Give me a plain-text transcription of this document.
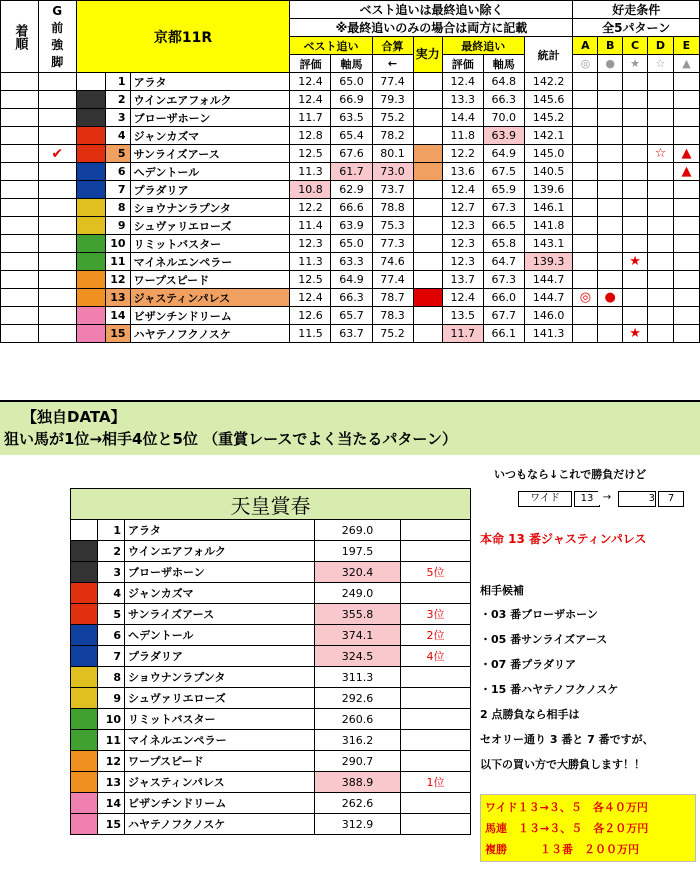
着順	G前強脚	京都11R			ベスト追いは最終追い除く							好走条件				
					※最終追いのみの場合は両方に記載							全5パターン				
					ベスト追い		合算	実力	最終追い		統計	A	B	C	D	E
					評価	軸馬	←		評価	軸馬		◎	●	★	☆	▲
			1	アラタ	12.4	65.0	77.4		12.4	64.8	142.2					
			2	ウインエアフォルク	12.4	66.9	79.3		13.3	66.3	145.6					
			3	ブローザホーン	11.7	63.5	75.2		14.4	70.0	145.2					
			4	ジャンカズマ	12.8	65.4	78.2		11.8	63.9	142.1					
	✔		5	サンライズアース	12.5	67.6	80.1		12.2	64.9	145.0				☆	▲
			6	ヘデントール	11.3	61.7	73.0		13.6	67.5	140.5					▲
			7	プラダリア	10.8	62.9	73.7		12.4	65.9	139.6					
			8	ショウナンラプンタ	12.2	66.6	78.8		12.7	67.3	146.1					
			9	シュヴァリエローズ	11.4	63.9	75.3		12.3	66.5	141.8					
			10	リミットバスター	12.3	65.0	77.3		12.3	65.8	143.1					
			11	マイネルエンペラー	11.3	63.3	74.6		12.3	64.7	139.3			★		
			12	ワープスピード	12.5	64.9	77.4		13.7	67.3	144.7					
			13	ジャスティンパレス	12.4	66.3	78.7		12.4	66.0	144.7	◎	●			
			14	ビザンチンドリーム	12.6	65.7	78.3		13.5	67.7	146.0					
			15	ハヤテノフクノスケ	11.5	63.7	75.2		11.7	66.1	141.3			★		
【独自DATA】
狙い馬が1位→相手4位と5位 （重賞レースでよく当たるパターン）
天皇賞春				
	1	アラタ	269.0	
	2	ウインエアフォルク	197.5	
	3	ブローザホーン	320.4	5位
	4	ジャンカズマ	249.0	
	5	サンライズアース	355.8	3位
	6	ヘデントール	374.1	2位
	7	プラダリア	324.5	4位
	8	ショウナンラプンタ	311.3	
	9	シュヴァリエローズ	292.6	
	10	リミットバスター	260.6	
	11	マイネルエンペラー	316.2	
	12	ワープスピード	290.7	
	13	ジャスティンパレス	388.9	1位
	14	ビザンチンドリーム	262.6	
	15	ハヤテノフクノスケ	312.9	
いつもなら↓これで勝負だけど
ワイド	13 →	3	7
本命 13 番ジャスティンパレス
相手候補
・03 番ブローザホーン
・05 番サンライズアース
・07 番プラダリア
・15 番ハヤテノフクノスケ
2 点勝負なら相手は
セオリー通り 3 番と 7 番ですが、
以下の買い方で大勝負します！！
ワイド１３→３、５　各４０万円
馬連　１３→３、５　各２０万円
複勝　　　１３番　２００万円
